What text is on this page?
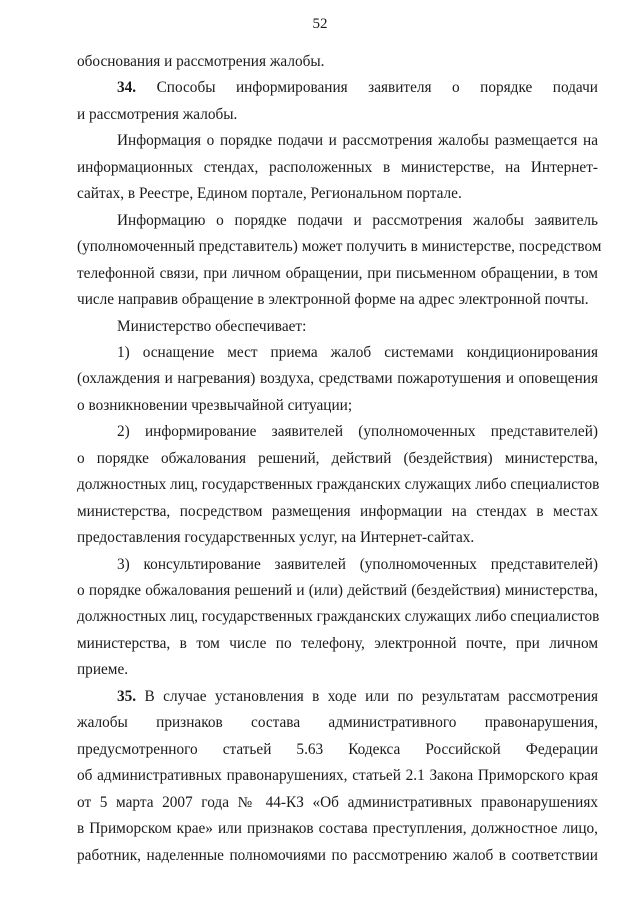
52
обоснования и рассмотрения жалобы.
34. Способы информирования заявителя о порядке подачи
и рассмотрения жалобы.
Информация о порядке подачи и рассмотрения жалобы размещается на
информационных стендах, расположенных в министерстве, на Интернет-
сайтах, в Реестре, Едином портале, Региональном портале.
Информацию о порядке подачи и рассмотрения жалобы заявитель
(уполномоченный представитель) может получить в министерстве, посредством
телефонной связи, при личном обращении, при письменном обращении, в том
числе направив обращение в электронной форме на адрес электронной почты.
Министерство обеспечивает:
1) оснащение мест приема жалоб системами кондиционирования
(охлаждения и нагревания) воздуха, средствами пожаротушения и оповещения
о возникновении чрезвычайной ситуации;
2) информирование заявителей (уполномоченных представителей)
о порядке обжалования решений, действий (бездействия) министерства,
должностных лиц, государственных гражданских служащих либо специалистов
министерства, посредством размещения информации на стендах в местах
предоставления государственных услуг, на Интернет-сайтах.
3) консультирование заявителей (уполномоченных представителей)
о порядке обжалования решений и (или) действий (бездействия) министерства,
должностных лиц, государственных гражданских служащих либо специалистов
министерства, в том числе по телефону, электронной почте, при личном
приеме.
35. В случае установления в ходе или по результатам рассмотрения
жалобы признаков состава административного правонарушения,
предусмотренного статьей 5.63 Кодекса Российской Федерации
об административных правонарушениях, статьей 2.1 Закона Приморского края
от 5 марта 2007 года № 44-КЗ «Об административных правонарушениях
в Приморском крае» или признаков состава преступления, должностное лицо,
работник, наделенные полномочиями по рассмотрению жалоб в соответствии
